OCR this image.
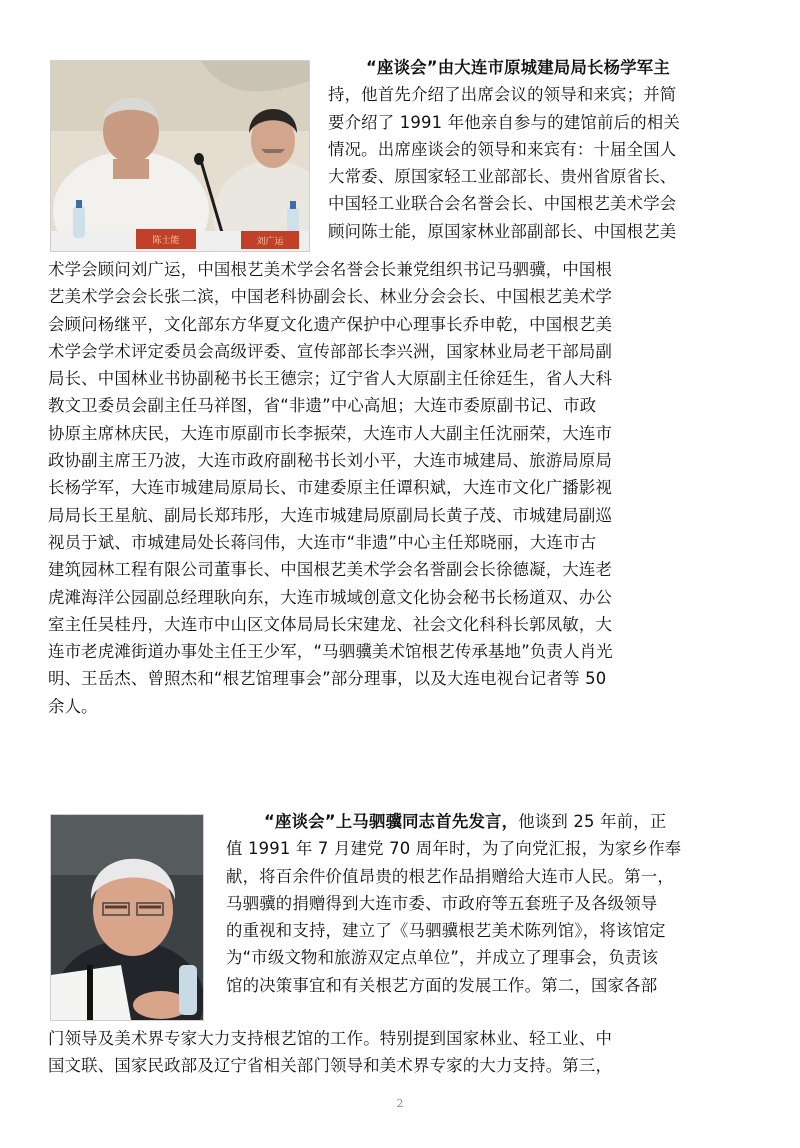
陈士能	刘广运
“座谈会”由大连市原城建局局长杨学军主
持，他首先介绍了出席会议的领导和来宾；并简
要介绍了 1991 年他亲自参与的建馆前后的相关
情况。出席座谈会的领导和来宾有：十届全国人
大常委、原国家轻工业部部长、贵州省原省长、
中国轻工业联合会名誉会长、中国根艺美术学会
顾问陈士能，原国家林业部副部长、中国根艺美
术学会顾问刘广运，中国根艺美术学会名誉会长兼党组织书记马驷骥，中国根
艺美术学会会长张二滨，中国老科协副会长、林业分会会长、中国根艺美术学
会顾问杨继平，文化部东方华夏文化遗产保护中心理事长乔申乾，中国根艺美
术学会学术评定委员会高级评委、宣传部部长李兴洲，国家林业局老干部局副
局长、中国林业书协副秘书长王德宗；辽宁省人大原副主任徐廷生，省人大科
教文卫委员会副主任马祥图，省“非遗”中心高旭；大连市委原副书记、市政
协原主席林庆民，大连市原副市长李振荣，大连市人大副主任沈丽荣，大连市
政协副主席王乃波，大连市政府副秘书长刘小平，大连市城建局、旅游局原局
长杨学军，大连市城建局原局长、市建委原主任谭积斌，大连市文化广播影视
局局长王星航、副局长郑玮彤，大连市城建局原副局长黄子茂、市城建局副巡
视员于斌、市城建局处长蒋闫伟，大连市“非遗”中心主任郑晓丽，大连市古
建筑园林工程有限公司董事长、中国根艺美术学会名誉副会长徐德凝，大连老
虎滩海洋公园副总经理耿向东，大连市城域创意文化协会秘书长杨道双、办公
室主任吴桂丹，大连市中山区文体局局长宋建龙、社会文化科科长郭凤敏，大
连市老虎滩街道办事处主任王少军，“马驷骥美术馆根艺传承基地”负责人肖光
明、王岳杰、曾照杰和“根艺馆理事会”部分理事，以及大连电视台记者等 50
余人。
“座谈会”上马驷骥同志首先发言，他谈到 25 年前，正
值 1991 年 7 月建党 70 周年时，为了向党汇报，为家乡作奉
献，将百余件价值昂贵的根艺作品捐赠给大连市人民。第一，
马驷骥的捐赠得到大连市委、市政府等五套班子及各级领导
的重视和支持，建立了《马驷骥根艺美术陈列馆》，将该馆定
为“市级文物和旅游双定点单位”，并成立了理事会，负责该
馆的决策事宜和有关根艺方面的发展工作。第二，国家各部
门领导及美术界专家大力支持根艺馆的工作。特别提到国家林业、轻工业、中
国文联、国家民政部及辽宁省相关部门领导和美术界专家的大力支持。第三，
2
